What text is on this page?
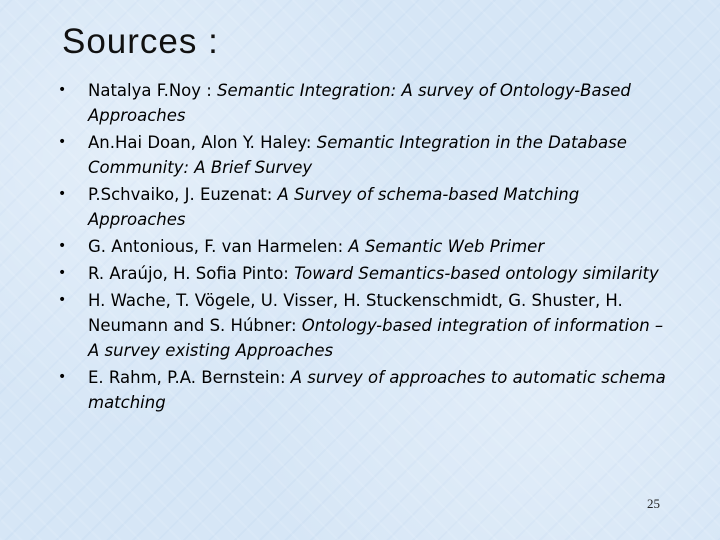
Sources :
• Natalya F.Noy : Semantic Integration: A survey of Ontology-Based Approaches
• An.Hai Doan, Alon Y. Haley: Semantic Integration in the Database Community: A Brief Survey
• P.Schvaiko, J. Euzenat: A Survey of schema-based Matching Approaches
• G. Antonious, F. van Harmelen: A Semantic Web Primer
• R. Araújo, H. Sofia Pinto: Toward Semantics-based ontology similarity
• H. Wache, T. Vögele, U. Visser, H. Stuckenschmidt, G. Shuster, H. Neumann and S. Húbner: Ontology-based integration of information – A survey existing Approaches
• E. Rahm, P.A. Bernstein: A survey of approaches to automatic schema matching
25
